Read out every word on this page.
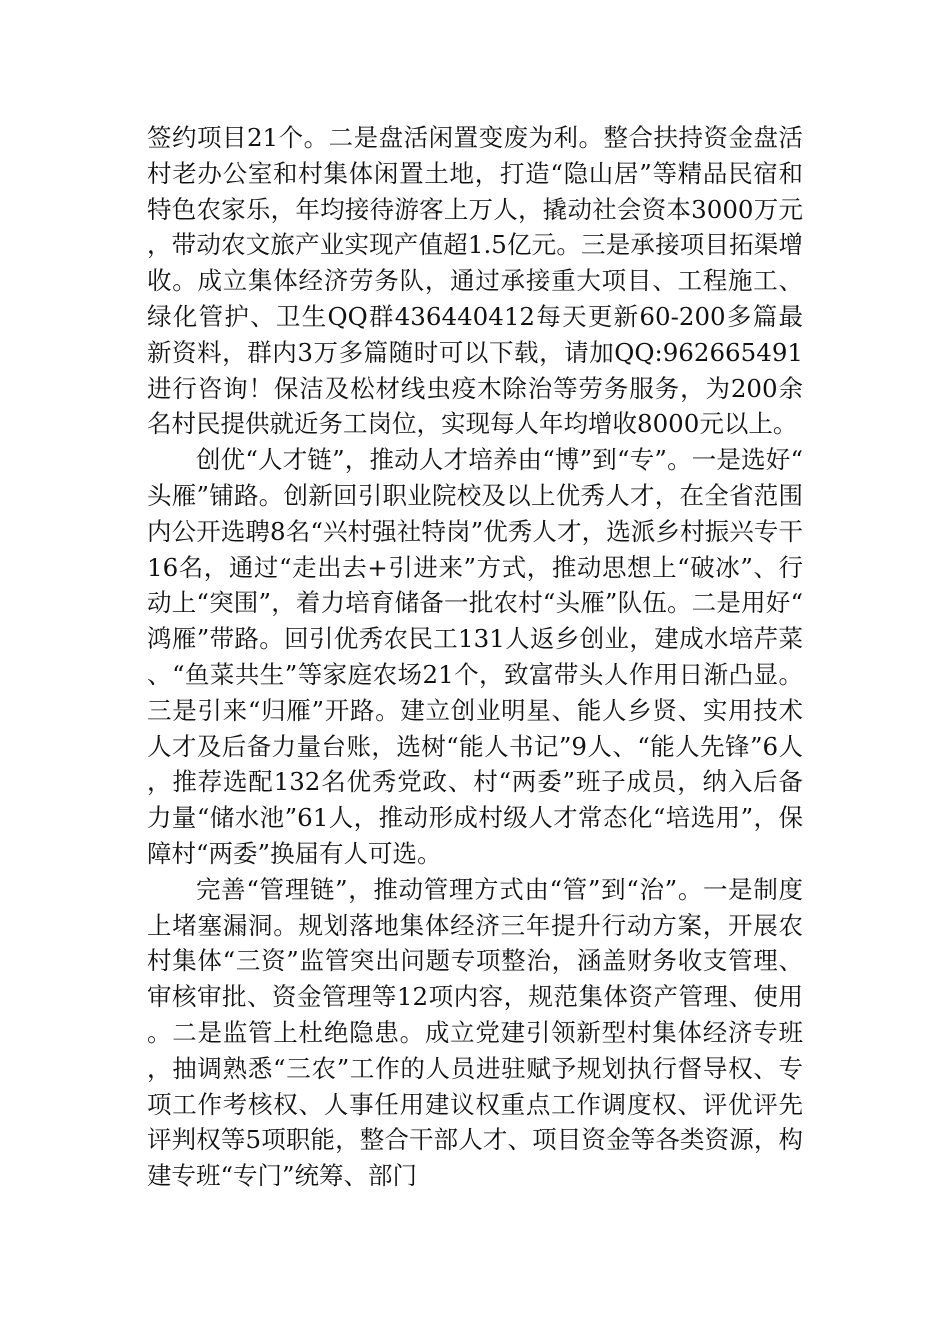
签约项目21个。二是盘活闲置变废为利。整合扶持资金盘活村老办公室和村集体闲置土地，打造“隐山居”等精品民宿和特色农家乐，年均接待游客上万人，撬动社会资本3000万元，带动农文旅产业实现产值超1.5亿元。三是承接项目拓渠增收。成立集体经济劳务队，通过承接重大项目、工程施工、绿化管护、卫生QQ群436440412每天更新60-200多篇最新资料，群内3万多篇随时可以下载，请加QQ:962665491进行咨询！保洁及松材线虫疫木除治等劳务服务，为200余名村民提供就近务工岗位，实现每人年均增收8000元以上。

创优“人才链”，推动人才培养由“博”到“专”。一是选好“头雁”铺路。创新回引职业院校及以上优秀人才，在全省范围内公开选聘8名“兴村强社特岗”优秀人才，选派乡村振兴专干16名，通过“走出去+引进来”方式，推动思想上“破冰”、行动上“突围”，着力培育储备一批农村“头雁”队伍。二是用好“鸿雁”带路。回引优秀农民工131人返乡创业，建成水培芹菜、“鱼菜共生”等家庭农场21个，致富带头人作用日渐凸显。三是引来“归雁”开路。建立创业明星、能人乡贤、实用技术人才及后备力量台账，选树“能人书记”9人、“能人先锋”6人，推荐选配132名优秀党政、村“两委”班子成员，纳入后备力量“储水池”61人，推动形成村级人才常态化“培选用”，保障村“两委”换届有人可选。

完善“管理链”，推动管理方式由“管”到“治”。一是制度上堵塞漏洞。规划落地集体经济三年提升行动方案，开展农村集体“三资”监管突出问题专项整治，涵盖财务收支管理、审核审批、资金管理等12项内容，规范集体资产管理、使用。二是监管上杜绝隐患。成立党建引领新型村集体经济专班，抽调熟悉“三农”工作的人员进驻赋予规划执行督导权、专项工作考核权、人事任用建议权重点工作调度权、评优评先评判权等5项职能，整合干部人才、项目资金等各类资源，构建专班“专门”统筹、部门
